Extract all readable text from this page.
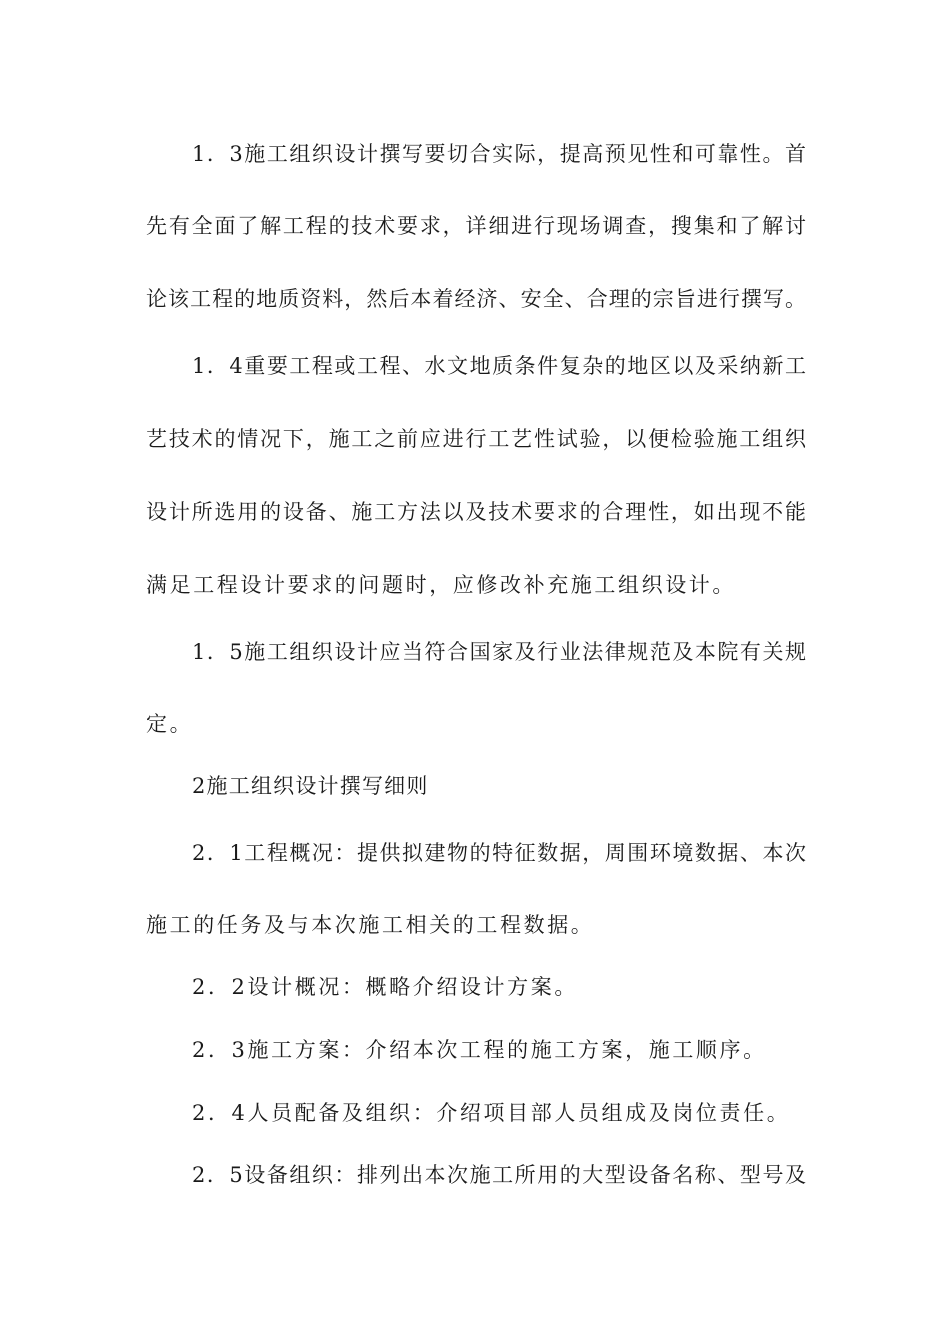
1．3施工组织设计撰写要切合实际，提高预见性和可靠性。首
先有全面了解工程的技术要求，详细进行现场调查，搜集和了解讨
论该工程的地质资料，然后本着经济、安全、合理的宗旨进行撰写。
1．4重要工程或工程、水文地质条件复杂的地区以及采纳新工
艺技术的情况下，施工之前应进行工艺性试验，以便检验施工组织
设计所选用的设备、施工方法以及技术要求的合理性，如出现不能
满足工程设计要求的问题时，应修改补充施工组织设计。
1．5施工组织设计应当符合国家及行业法律规范及本院有关规
定。
2施工组织设计撰写细则
2．1工程概况：提供拟建物的特征数据，周围环境数据、本次
施工的任务及与本次施工相关的工程数据。
2．2设计概况：概略介绍设计方案。
2．3施工方案：介绍本次工程的施工方案，施工顺序。
2．4人员配备及组织：介绍项目部人员组成及岗位责任。
2．5设备组织：排列出本次施工所用的大型设备名称、型号及
